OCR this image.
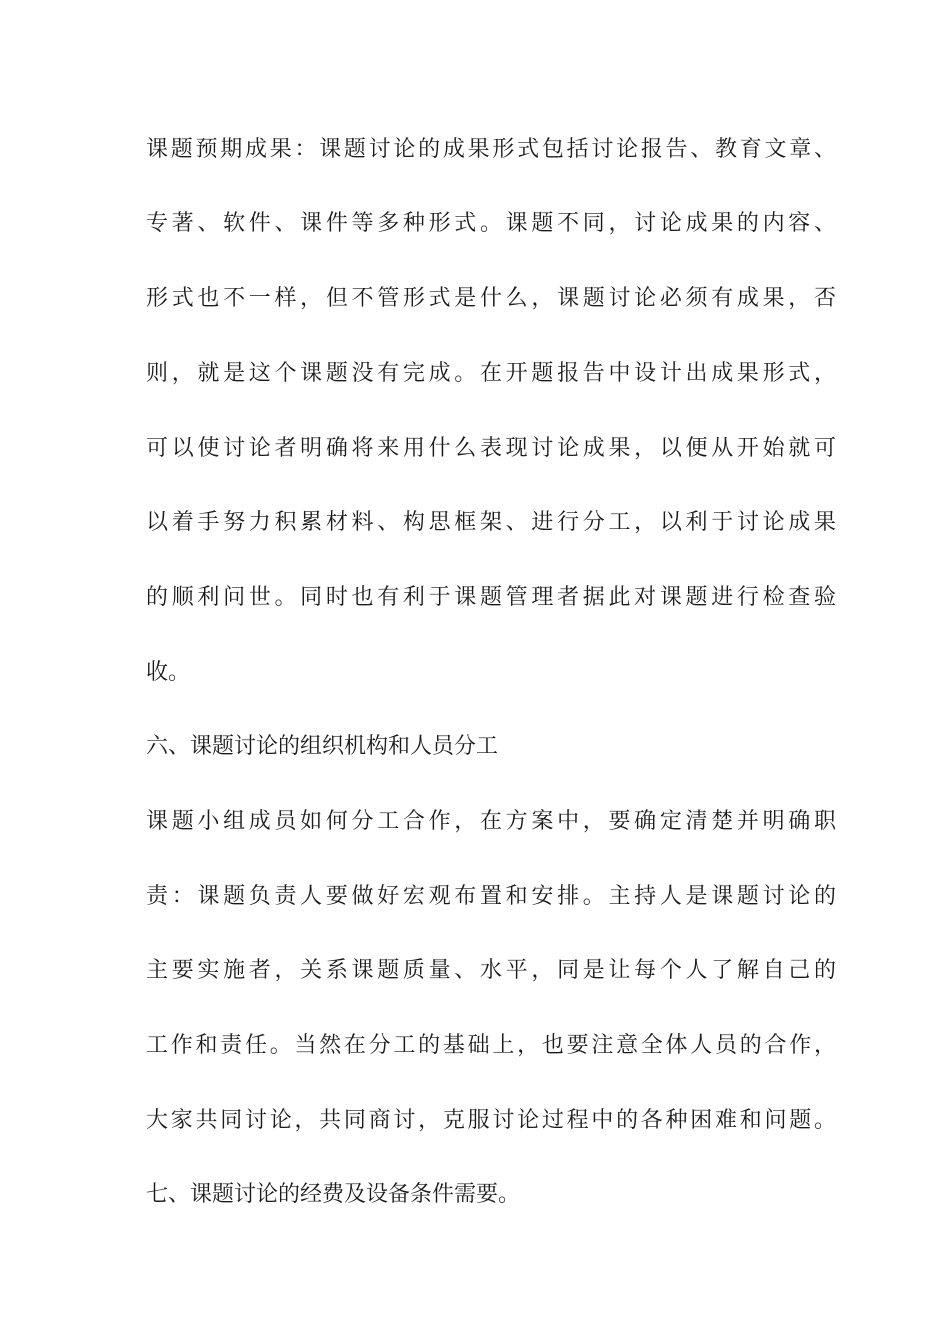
课题预期成果：课题讨论的成果形式包括讨论报告、教育文章、
专著、软件、课件等多种形式。课题不同，讨论成果的内容、
形式也不一样，但不管形式是什么，课题讨论必须有成果，否
则，就是这个课题没有完成。在开题报告中设计出成果形式，
可以使讨论者明确将来用什么表现讨论成果，以便从开始就可
以着手努力积累材料、构思框架、进行分工，以利于讨论成果
的顺利问世。同时也有利于课题管理者据此对课题进行检查验
收。
六、课题讨论的组织机构和人员分工
课题小组成员如何分工合作，在方案中，要确定清楚并明确职
责：课题负责人要做好宏观布置和安排。主持人是课题讨论的
主要实施者，关系课题质量、水平，同是让每个人了解自己的
工作和责任。当然在分工的基础上，也要注意全体人员的合作，
大家共同讨论，共同商讨，克服讨论过程中的各种困难和问题。
七、课题讨论的经费及设备条件需要。
